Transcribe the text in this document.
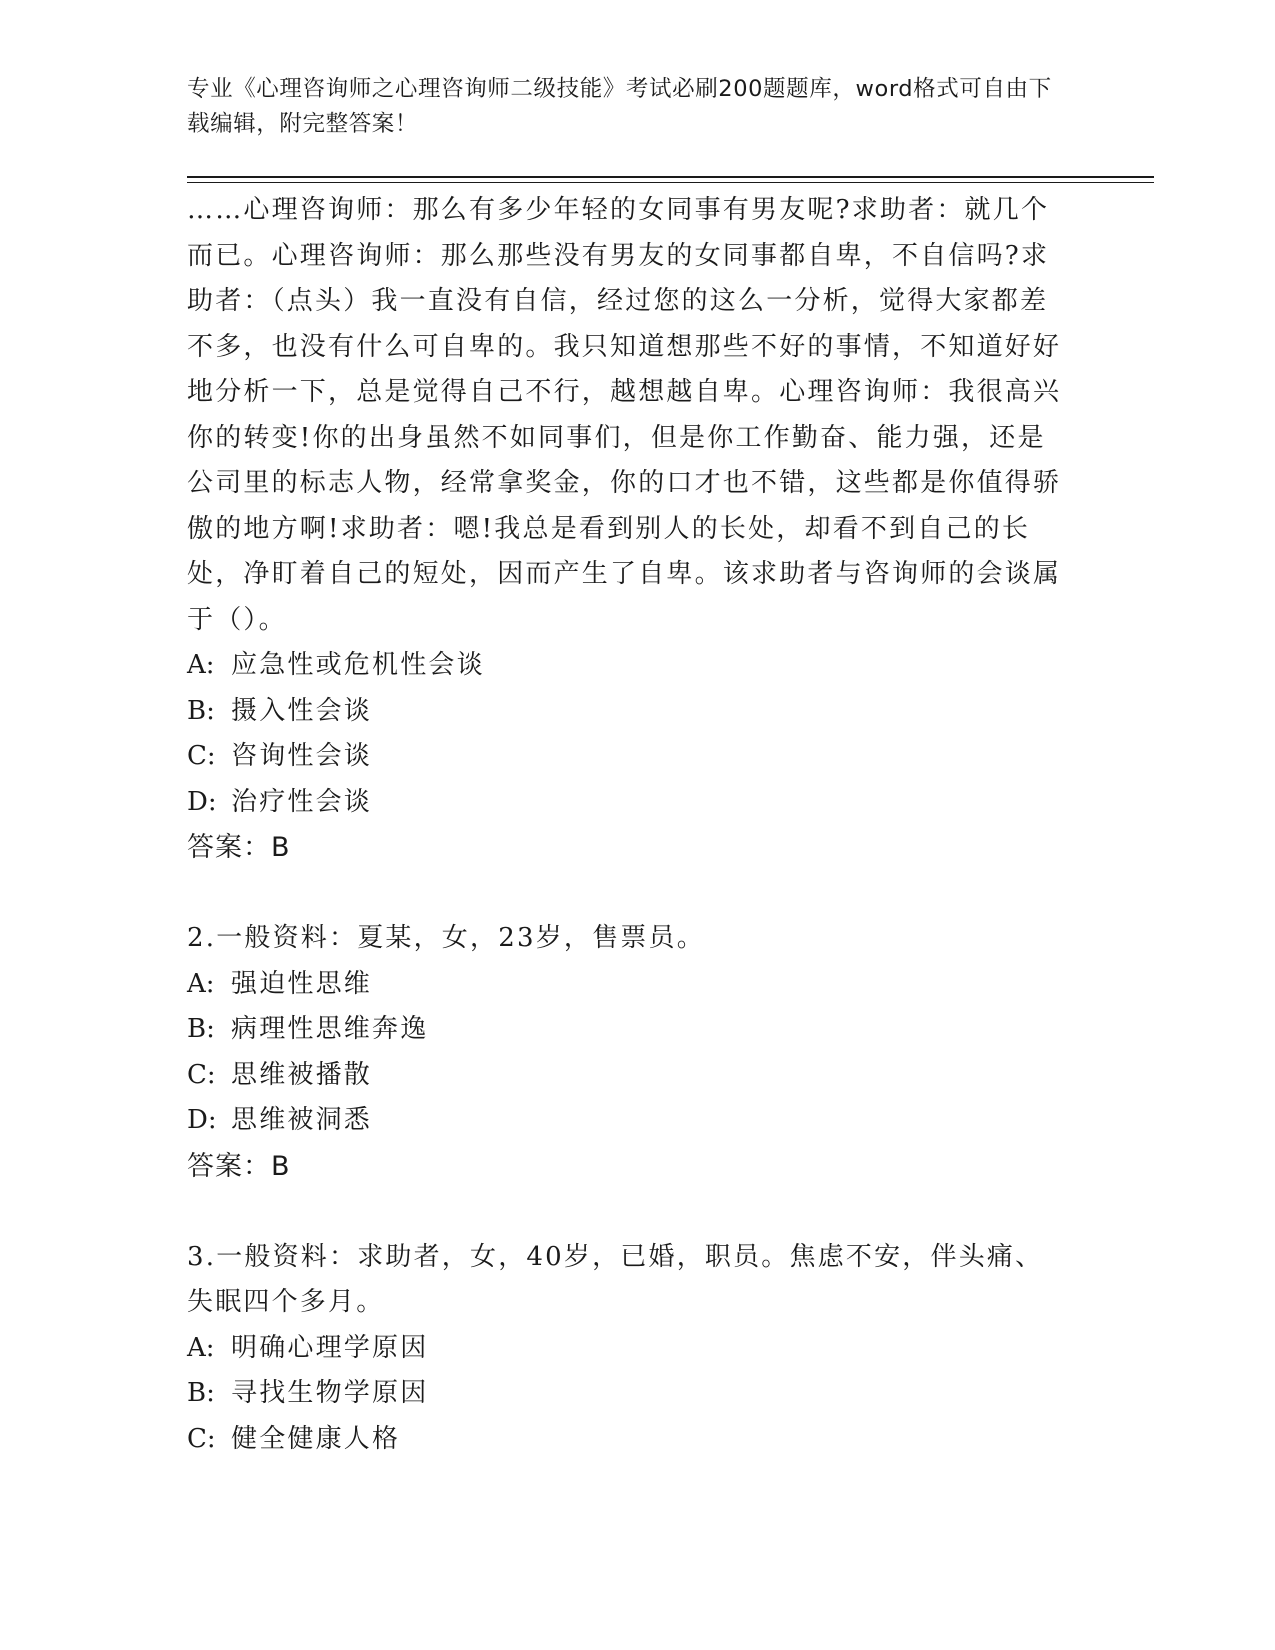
专业《心理咨询师之心理咨询师二级技能》考试必刷200题题库，word格式可自由下载编辑，附完整答案！

……心理咨询师：那么有多少年轻的女同事有男友呢?求助者：就几个而已。心理咨询师：那么那些没有男友的女同事都自卑，不自信吗?求助者：（点头）我一直没有自信，经过您的这么一分析，觉得大家都差不多，也没有什么可自卑的。我只知道想那些不好的事情，不知道好好地分析一下，总是觉得自己不行，越想越自卑。心理咨询师：我很高兴你的转变!你的出身虽然不如同事们，但是你工作勤奋、能力强，还是公司里的标志人物，经常拿奖金，你的口才也不错，这些都是你值得骄傲的地方啊!求助者：嗯!我总是看到别人的长处，却看不到自己的长处，净盯着自己的短处，因而产生了自卑。该求助者与咨询师的会谈属于（）。

A: 应急性或危机性会谈
B: 摄入性会谈
C: 咨询性会谈
D: 治疗性会谈
答案：B

2.一般资料：夏某，女，23岁，售票员。

A: 强迫性思维
B: 病理性思维奔逸
C: 思维被播散
D: 思维被洞悉
答案：B

3.一般资料：求助者，女，40岁，已婚，职员。焦虑不安，伴头痛、失眠四个多月。

A: 明确心理学原因
B: 寻找生物学原因
C: 健全健康人格
